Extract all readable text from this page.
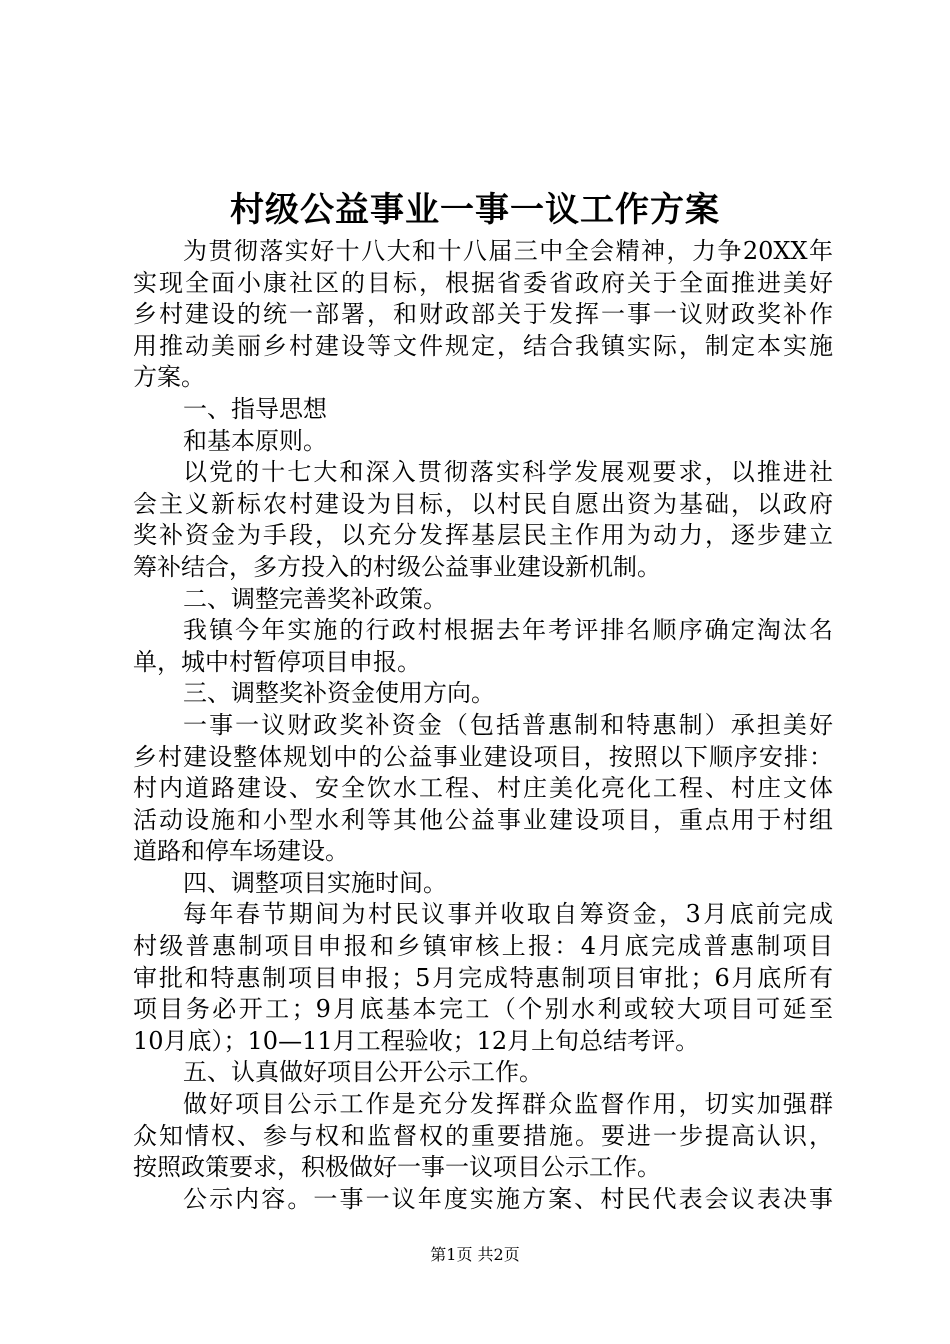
村级公益事业一事一议工作方案
为贯彻落实好十八大和十八届三中全会精神，力争20XX年
实现全面小康社区的目标，根据省委省政府关于全面推进美好
乡村建设的统一部署，和财政部关于发挥一事一议财政奖补作
用推动美丽乡村建设等文件规定，结合我镇实际，制定本实施
方案。
一、指导思想
和基本原则。
以党的十七大和深入贯彻落实科学发展观要求，以推进社
会主义新标农村建设为目标，以村民自愿出资为基础，以政府
奖补资金为手段，以充分发挥基层民主作用为动力，逐步建立
筹补结合，多方投入的村级公益事业建设新机制。
二、调整完善奖补政策。
我镇今年实施的行政村根据去年考评排名顺序确定淘汰名
单，城中村暂停项目申报。
三、调整奖补资金使用方向。
一事一议财政奖补资金（包括普惠制和特惠制）承担美好
乡村建设整体规划中的公益事业建设项目，按照以下顺序安排：
村内道路建设、安全饮水工程、村庄美化亮化工程、村庄文体
活动设施和小型水利等其他公益事业建设项目，重点用于村组
道路和停车场建设。
四、调整项目实施时间。
每年春节期间为村民议事并收取自筹资金，3月底前完成
村级普惠制项目申报和乡镇审核上报：4月底完成普惠制项目
审批和特惠制项目申报；5月完成特惠制项目审批；6月底所有
项目务必开工；9月底基本完工（个别水利或较大项目可延至
10月底）；10—11月工程验收；12月上旬总结考评。
五、认真做好项目公开公示工作。
做好项目公示工作是充分发挥群众监督作用，切实加强群
众知情权、参与权和监督权的重要措施。要进一步提高认识，
按照政策要求，积极做好一事一议项目公示工作。
公示内容。一事一议年度实施方案、村民代表会议表决事
第1页 共2页
